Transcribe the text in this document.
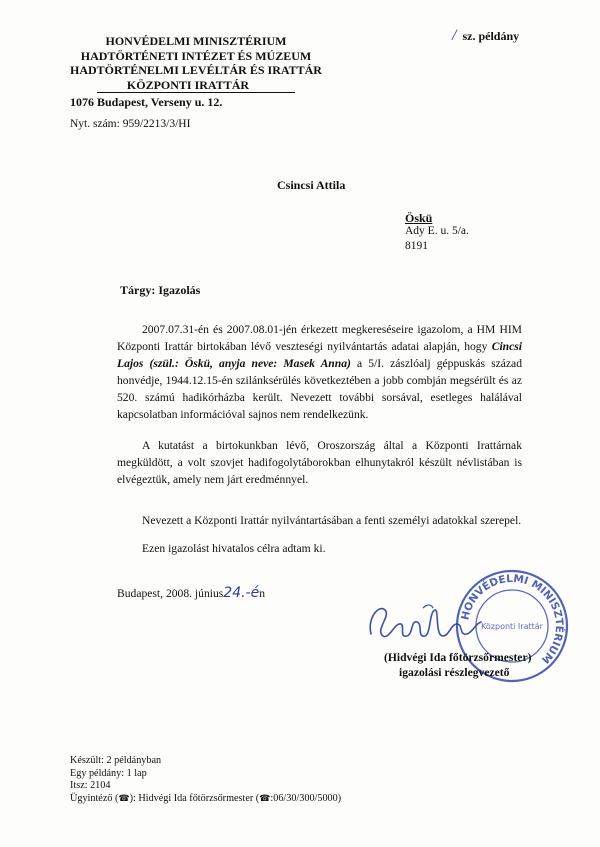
/ sz. példány
HONVÉDELMI MINISZTÉRIUM
HADTÖRTÉNETI INTÉZET ÉS MÚZEUM
HADTÖRTÉNELMI LEVÉLTÁR ÉS IRATTÁR
KÖZPONTI IRATTÁR
1076 Budapest, Verseny u. 12.
Nyt. szám: 959/2213/3/HI
Csincsi Attila
Öskü
Ady E. u. 5/a.
8191
Tárgy: Igazolás
2007.07.31-én és 2007.08.01-jén érkezett megkereséseire igazolom, a HM HIM Központi Irattár birtokában lévő veszteségi nyilvántartás adatai alapján, hogy Cincsi Lajos (szül.: Öskü, anyja neve: Masek Anna) a 5/I. zászlóalj géppuskás század honvédje, 1944.12.15-én szilánksérülés következtében a jobb combján megsérült és az 520. számú hadikórházba került. Nevezett további sorsával, esetleges halálával kapcsolatban információval sajnos nem rendelkezünk.
A kutatást a birtokunkban lévő, Oroszország által a Központi Irattárnak megküldött, a volt szovjet hadifogolytáborokban elhunytakról készült névlistában is elvégeztük, amely nem járt eredménnyel.
Nevezett a Központi Irattár nyilvántartásában a fenti személyi adatokkal szerepel.
Ezen igazolást hivatalos célra adtam ki.
Budapest, 2008. június24.-én
HONVÉDELMI MINISZTÉRIUM
Központi Irattár
(Hidvégi Ida főtörzsőrmester)
igazolási részlegvezető
Készült: 2 példányban
Egy példány: 1 lap
Itsz: 2104
Ügyintéző (☎): Hidvégi Ida főtörzsőrmester (☎:06/30/300/5000)
